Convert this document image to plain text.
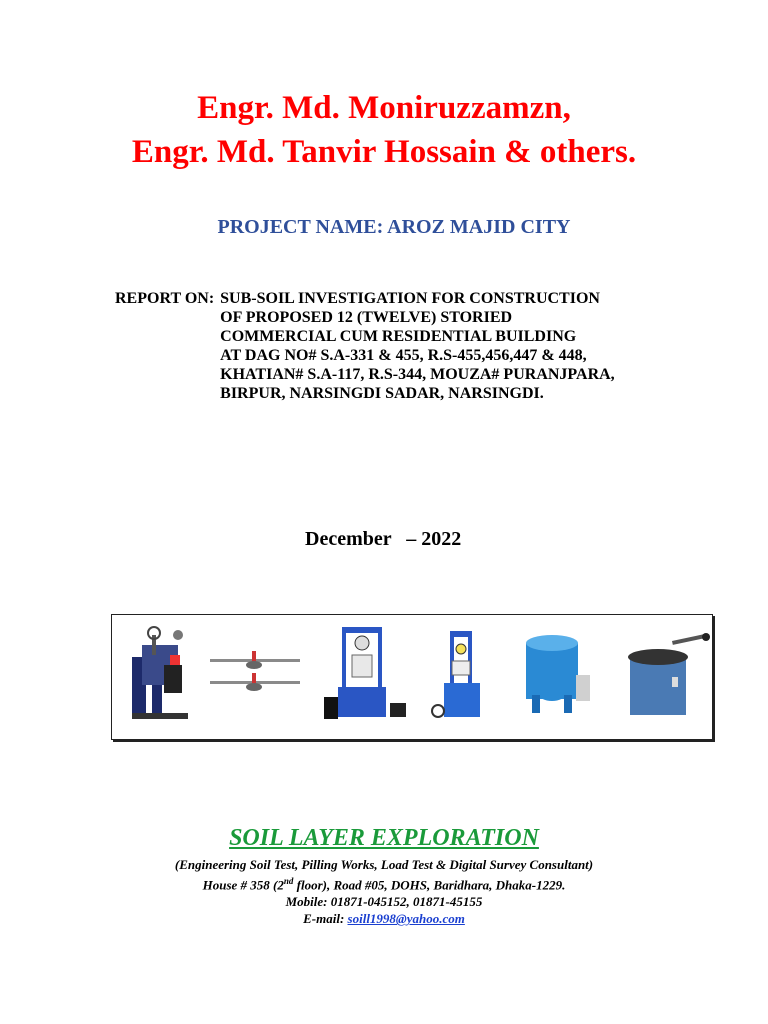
Engr. Md. Moniruzzamzn,
Engr. Md. Tanvir Hossain & others.
PROJECT NAME: AROZ MAJID CITY
REPORT ON: SUB-SOIL INVESTIGATION FOR CONSTRUCTION
OF PROPOSED 12 (TWELVE) STORIED
COMMERCIAL CUM RESIDENTIAL BUILDING
AT DAG NO# S.A-331 & 455, R.S-455,456,447 & 448,
KHATIAN# S.A-117, R.S-344, MOUZA# PURANJPARA,
BIRPUR, NARSINGDI SADAR, NARSINGDI.
December   – 2022
SOIL LAYER EXPLORATION
(Engineering Soil Test, Pilling Works, Load Test & Digital Survey Consultant)
House # 358 (2nd floor), Road #05, DOHS, Baridhara, Dhaka-1229.
Mobile: 01871-045152, 01871-45155
E-mail: soill1998@yahoo.com
